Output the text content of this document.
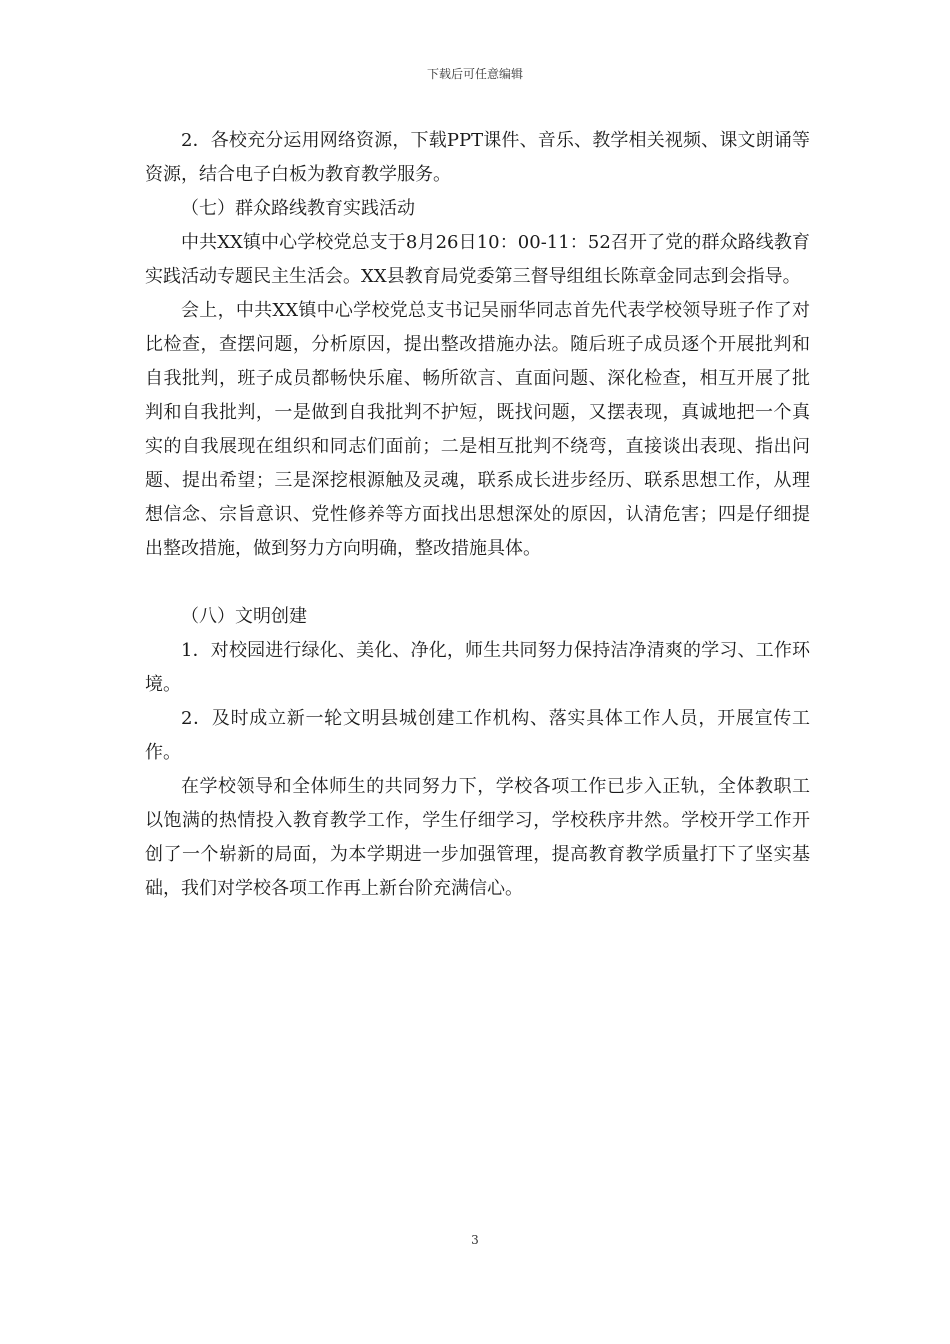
下载后可任意编辑

2．各校充分运用网络资源，下载PPT课件、音乐、教学相关视频、课文朗诵等资源，结合电子白板为教育教学服务。

（七）群众路线教育实践活动

中共XX镇中心学校党总支于8月26日10：00-11：52召开了党的群众路线教育实践活动专题民主生活会。XX县教育局党委第三督导组组长陈章金同志到会指导。

会上，中共XX镇中心学校党总支书记吴丽华同志首先代表学校领导班子作了对比检查，查摆问题，分析原因，提出整改措施办法。随后班子成员逐个开展批判和自我批判，班子成员都畅快乐雇、畅所欲言、直面问题、深化检查，相互开展了批判和自我批判，一是做到自我批判不护短，既找问题，又摆表现，真诚地把一个真实的自我展现在组织和同志们面前；二是相互批判不绕弯，直接谈出表现、指出问题、提出希望；三是深挖根源触及灵魂，联系成长进步经历、联系思想工作，从理想信念、宗旨意识、党性修养等方面找出思想深处的原因，认清危害；四是仔细提出整改措施，做到努力方向明确，整改措施具体。

（八）文明创建

1．对校园进行绿化、美化、净化，师生共同努力保持洁净清爽的学习、工作环境。

2．及时成立新一轮文明县城创建工作机构、落实具体工作人员，开展宣传工作。

在学校领导和全体师生的共同努力下，学校各项工作已步入正轨，全体教职工以饱满的热情投入教育教学工作，学生仔细学习，学校秩序井然。学校开学工作开创了一个崭新的局面，为本学期进一步加强管理，提高教育教学质量打下了坚实基础，我们对学校各项工作再上新台阶充满信心。

3
